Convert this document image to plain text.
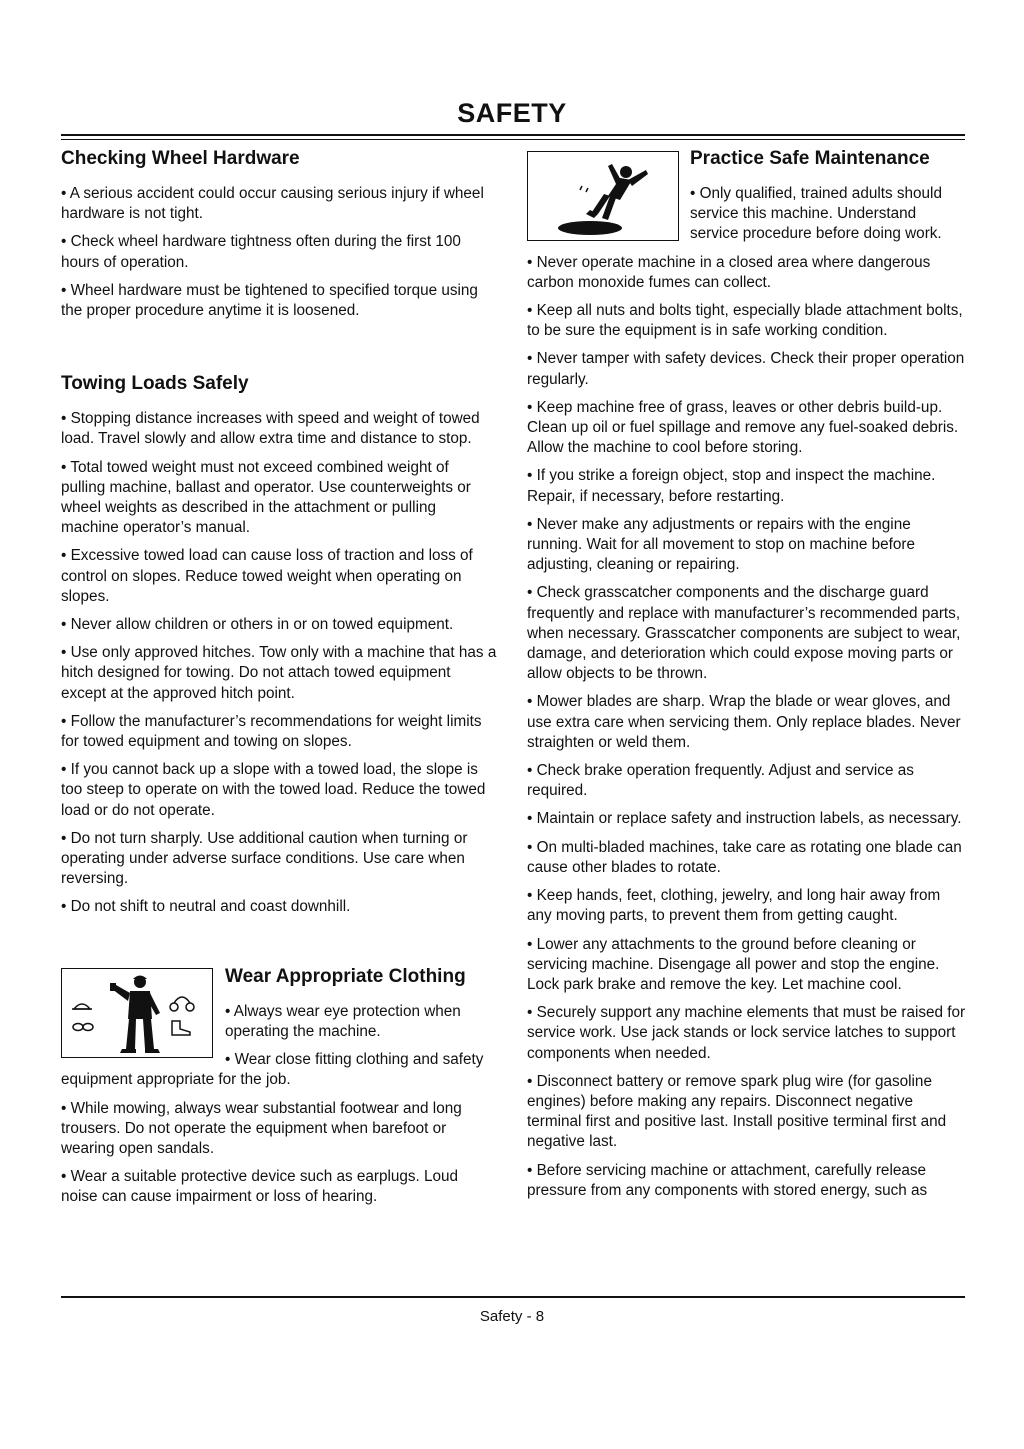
SAFETY
Checking Wheel Hardware

• A serious accident could occur causing serious injury if wheel hardware is not tight.

• Check wheel hardware tightness often during the first 100 hours of operation.

• Wheel hardware must be tightened to specified torque using the proper procedure anytime it is loosened.

Towing Loads Safely

• Stopping distance increases with speed and weight of towed load. Travel slowly and allow extra time and distance to stop.

• Total towed weight must not exceed combined weight of pulling machine, ballast and operator. Use counterweights or wheel weights as described in the attachment or pulling machine operator’s manual.

• Excessive towed load can cause loss of traction and loss of control on slopes. Reduce towed weight when operating on slopes.

• Never allow children or others in or on towed equipment.

• Use only approved hitches. Tow only with a machine that has a hitch designed for towing. Do not attach towed equipment except at the approved hitch point.

• Follow the manufacturer’s recommendations for weight limits for towed equipment and towing on slopes.

• If you cannot back up a slope with a towed load, the slope is too steep to operate on with the towed load. Reduce the towed load or do not operate.

• Do not turn sharply. Use additional caution when turning or operating under adverse surface conditions. Use care when reversing.

• Do not shift to neutral and coast downhill.

Wear Appropriate Clothing

• Always wear eye protection when operating the machine.

• Wear close fitting clothing and safety equipment appropriate for the job.

• While mowing, always wear substantial footwear and long trousers. Do not operate the equipment when barefoot or wearing open sandals.

• Wear a suitable protective device such as earplugs. Loud noise can cause impairment or loss of hearing.

Practice Safe Maintenance

• Only qualified, trained adults should service this machine. Understand service procedure before doing work.

• Never operate machine in a closed area where dangerous carbon monoxide fumes can collect.

• Keep all nuts and bolts tight, especially blade attachment bolts, to be sure the equipment is in safe working condition.

• Never tamper with safety devices. Check their proper operation regularly.

• Keep machine free of grass, leaves or other debris build-up. Clean up oil or fuel spillage and remove any fuel-soaked debris. Allow the machine to cool before storing.

• If you strike a foreign object, stop and inspect the machine. Repair, if necessary, before restarting.

• Never make any adjustments or repairs with the engine running. Wait for all movement to stop on machine before adjusting, cleaning or repairing.

• Check grasscatcher components and the discharge guard frequently and replace with manufacturer’s recommended parts, when necessary. Grasscatcher components are subject to wear, damage, and deterioration which could expose moving parts or allow objects to be thrown.

• Mower blades are sharp. Wrap the blade or wear gloves, and use extra care when servicing them. Only replace blades. Never straighten or weld them.

• Check brake operation frequently. Adjust and service as required.

• Maintain or replace safety and instruction labels, as necessary.

• On multi-bladed machines, take care as rotating one blade can cause other blades to rotate.

• Keep hands, feet, clothing, jewelry, and long hair away from any moving parts, to prevent them from getting caught.

• Lower any attachments to the ground before cleaning or servicing machine. Disengage all power and stop the engine. Lock park brake and remove the key. Let machine cool.

• Securely support any machine elements that must be raised for service work. Use jack stands or lock service latches to support components when needed.

• Disconnect battery or remove spark plug wire (for gasoline engines) before making any repairs. Disconnect negative terminal first and positive last. Install positive terminal first and negative last.

• Before servicing machine or attachment, carefully release pressure from any components with stored energy, such as

Safety - 8
